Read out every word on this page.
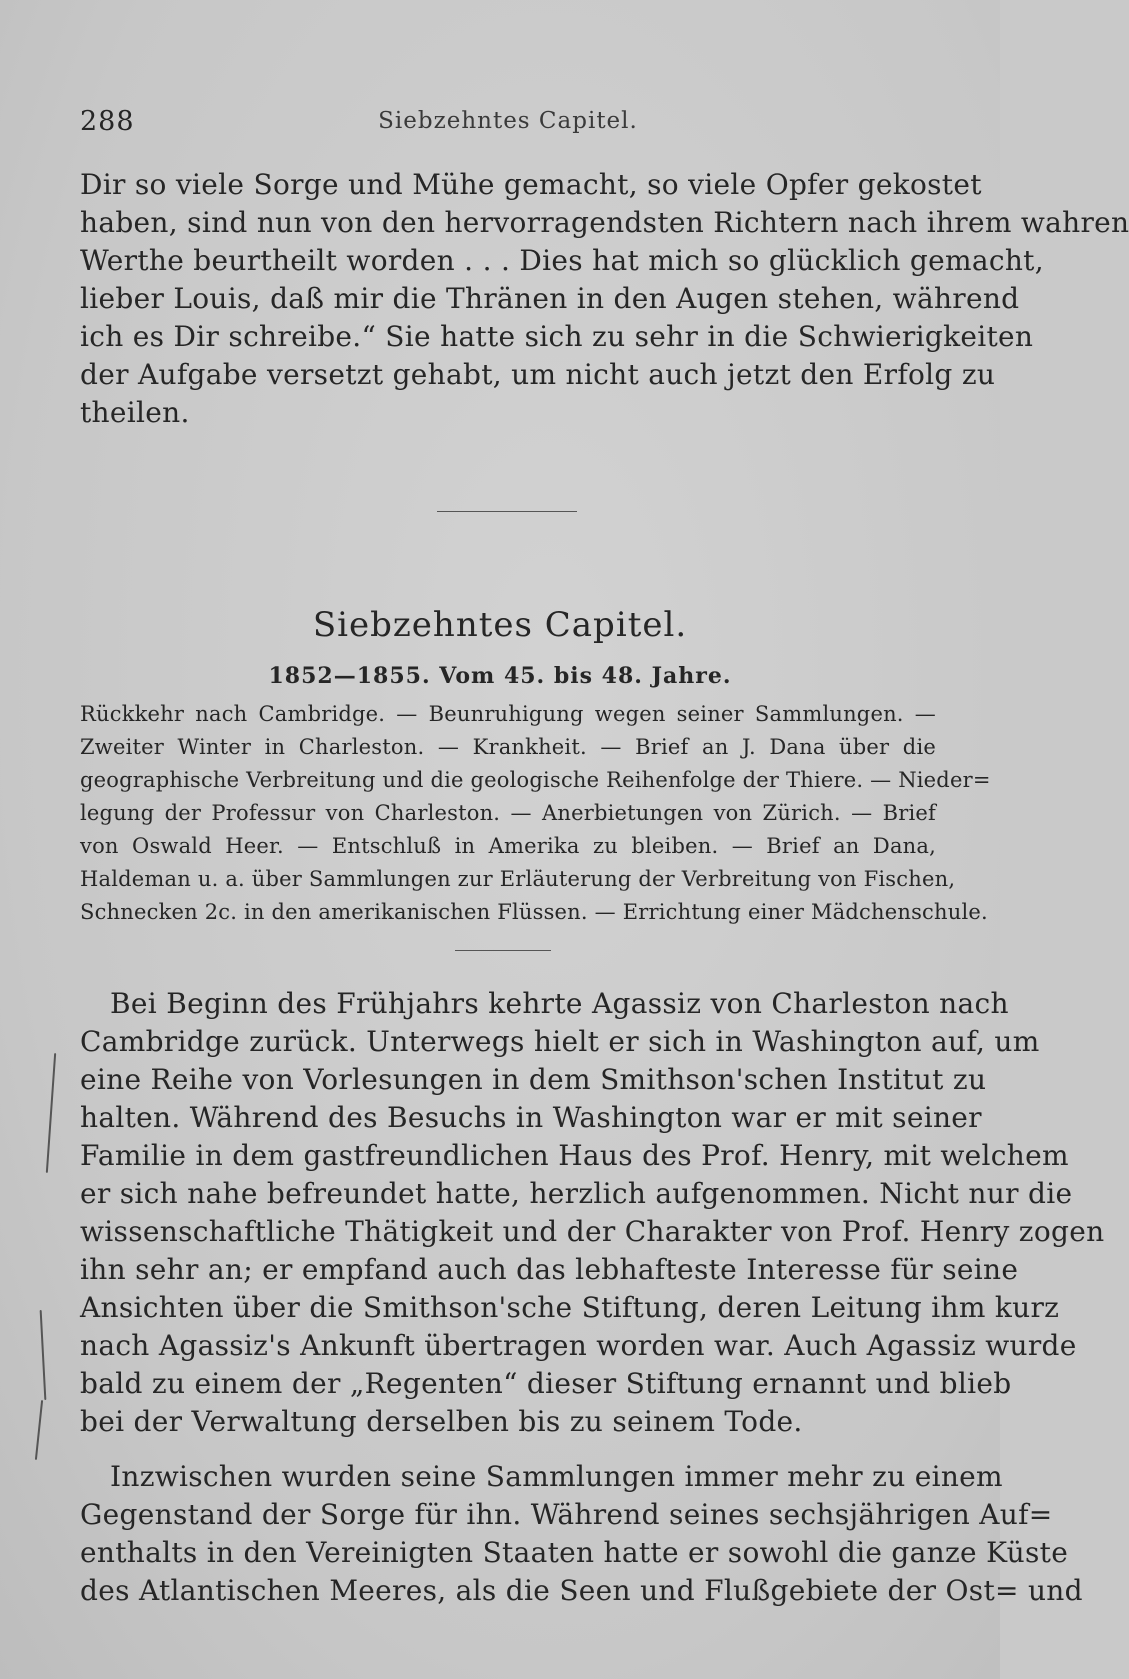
288	Siebzehntes Capitel.
Dir so viele Sorge und Mühe gemacht, so viele Opfer gekostet
haben, sind nun von den hervorragendsten Richtern nach ihrem wahren
Werthe beurtheilt worden . . . Dies hat mich so glücklich gemacht,
lieber Louis, daß mir die Thränen in den Augen stehen, während
ich es Dir schreibe.“ Sie hatte sich zu sehr in die Schwierigkeiten
der Aufgabe versetzt gehabt, um nicht auch jetzt den Erfolg zu
theilen.
Siebzehntes Capitel.
1852—1855. Vom 45. bis 48. Jahre.
Rückkehr nach Cambridge. — Beunruhigung wegen seiner Sammlungen. —
Zweiter Winter in Charleston. — Krankheit. — Brief an J. Dana über die
geographische Verbreitung und die geologische Reihenfolge der Thiere. — Nieder=
legung der Professur von Charleston. — Anerbietungen von Zürich. — Brief
von Oswald Heer. — Entschluß in Amerika zu bleiben. — Brief an Dana,
Haldeman u. a. über Sammlungen zur Erläuterung der Verbreitung von Fischen,
Schnecken 2c. in den amerikanischen Flüssen. — Errichtung einer Mädchenschule.
Bei Beginn des Frühjahrs kehrte Agassiz von Charleston nach
Cambridge zurück. Unterwegs hielt er sich in Washington auf, um
eine Reihe von Vorlesungen in dem Smithson'schen Institut zu
halten. Während des Besuchs in Washington war er mit seiner
Familie in dem gastfreundlichen Haus des Prof. Henry, mit welchem
er sich nahe befreundet hatte, herzlich aufgenommen. Nicht nur die
wissenschaftliche Thätigkeit und der Charakter von Prof. Henry zogen
ihn sehr an; er empfand auch das lebhafteste Interesse für seine
Ansichten über die Smithson'sche Stiftung, deren Leitung ihm kurz
nach Agassiz's Ankunft übertragen worden war. Auch Agassiz wurde
bald zu einem der „Regenten“ dieser Stiftung ernannt und blieb
bei der Verwaltung derselben bis zu seinem Tode.
Inzwischen wurden seine Sammlungen immer mehr zu einem
Gegenstand der Sorge für ihn. Während seines sechsjährigen Auf=
enthalts in den Vereinigten Staaten hatte er sowohl die ganze Küste
des Atlantischen Meeres, als die Seen und Flußgebiete der Ost= und
